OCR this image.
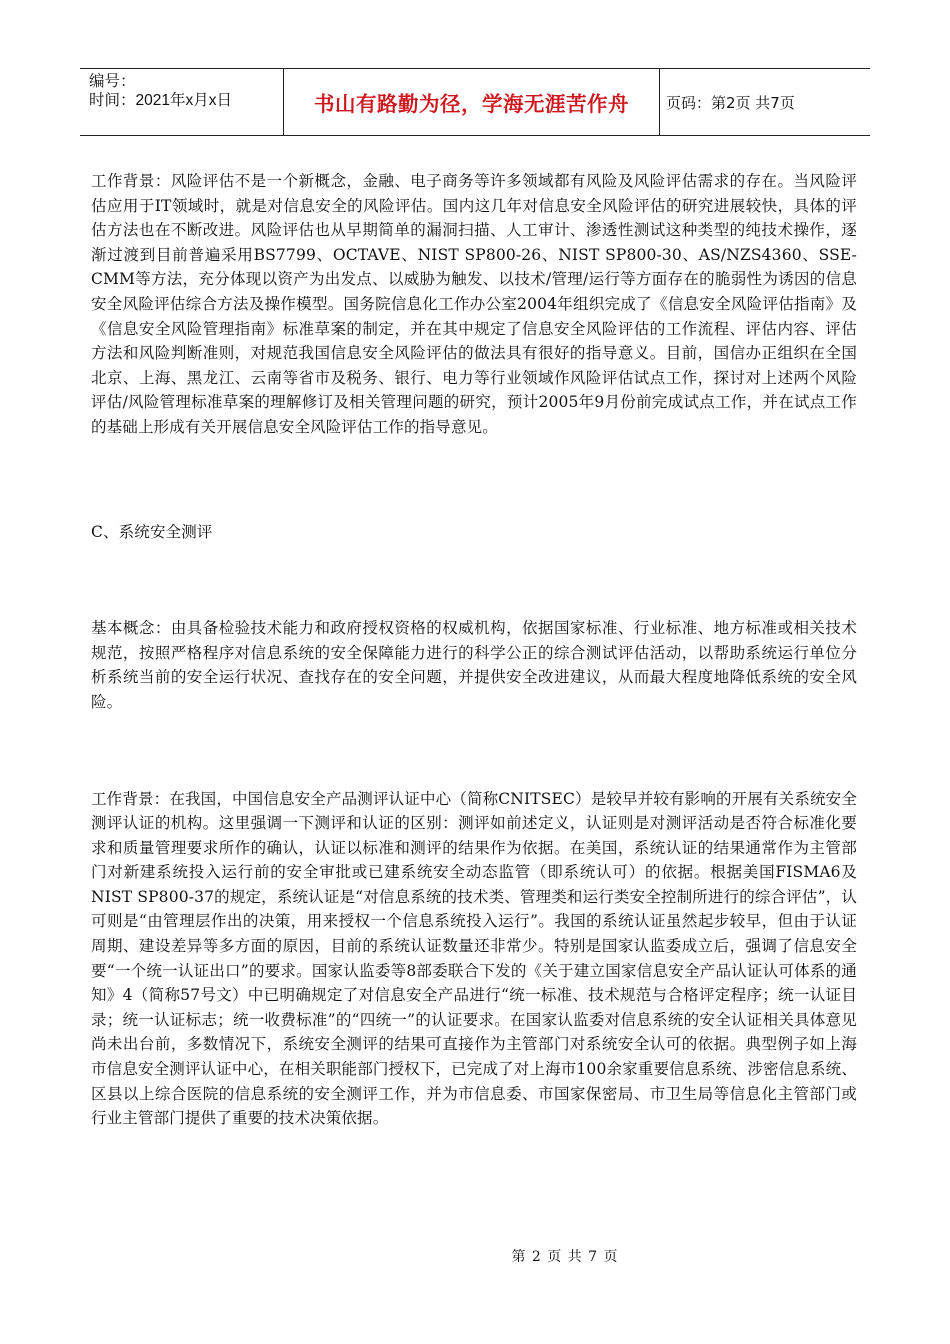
编号：
时间：2021年x月x日	书山有路勤为径，学海无涯苦作舟 页码：第2页 共7页

工作背景：风险评估不是一个新概念，金融、电子商务等许多领域都有风险及风险评估需求的存在。当风险评估应用于IT领域时，就是对信息安全的风险评估。国内这几年对信息安全风险评估的研究进展较快，具体的评估方法也在不断改进。风险评估也从早期简单的漏洞扫描、人工审计、渗透性测试这种类型的纯技术操作，逐渐过渡到目前普遍采用BS7799、OCTAVE、NIST SP800-26、NIST SP800-30、AS/NZS4360、SSE-CMM等方法，充分体现以资产为出发点、以威胁为触发、以技术/管理/运行等方面存在的脆弱性为诱因的信息安全风险评估综合方法及操作模型。国务院信息化工作办公室2004年组织完成了《信息安全风险评估指南》及《信息安全风险管理指南》标准草案的制定，并在其中规定了信息安全风险评估的工作流程、评估内容、评估方法和风险判断准则，对规范我国信息安全风险评估的做法具有很好的指导意义。目前，国信办正组织在全国北京、上海、黑龙江、云南等省市及税务、银行、电力等行业领域作风险评估试点工作，探讨对上述两个风险评估/风险管理标准草案的理解修订及相关管理问题的研究，预计2005年9月份前完成试点工作，并在试点工作的基础上形成有关开展信息安全风险评估工作的指导意见。

C、系统安全测评

基本概念：由具备检验技术能力和政府授权资格的权威机构，依据国家标准、行业标准、地方标准或相关技术规范，按照严格程序对信息系统的安全保障能力进行的科学公正的综合测试评估活动，以帮助系统运行单位分析系统当前的安全运行状况、查找存在的安全问题，并提供安全改进建议，从而最大程度地降低系统的安全风险。

工作背景：在我国，中国信息安全产品测评认证中心（简称CNITSEC）是较早并较有影响的开展有关系统安全测评认证的机构。这里强调一下测评和认证的区别：测评如前述定义，认证则是对测评活动是否符合标准化要求和质量管理要求所作的确认，认证以标准和测评的结果作为依据。在美国，系统认证的结果通常作为主管部门对新建系统投入运行前的安全审批或已建系统安全动态监管（即系统认可）的依据。根据美国FISMA6及NIST SP800-37的规定，系统认证是“对信息系统的技术类、管理类和运行类安全控制所进行的综合评估”，认可则是“由管理层作出的决策，用来授权一个信息系统投入运行”。我国的系统认证虽然起步较早，但由于认证周期、建设差异等多方面的原因，目前的系统认证数量还非常少。特别是国家认监委成立后，强调了信息安全要“一个统一认证出口”的要求。国家认监委等8部委联合下发的《关于建立国家信息安全产品认证认可体系的通知》4（简称57号文）中已明确规定了对信息安全产品进行“统一标准、技术规范与合格评定程序；统一认证目录；统一认证标志；统一收费标准”的“四统一”的认证要求。在国家认监委对信息系统的安全认证相关具体意见尚未出台前，多数情况下，系统安全测评的结果可直接作为主管部门对系统安全认可的依据。典型例子如上海市信息安全测评认证中心，在相关职能部门授权下，已完成了对上海市100余家重要信息系统、涉密信息系统、区县以上综合医院的信息系统的安全测评工作，并为市信息委、市国家保密局、市卫生局等信息化主管部门或行业主管部门提供了重要的技术决策依据。

第 2 页 共 7 页
